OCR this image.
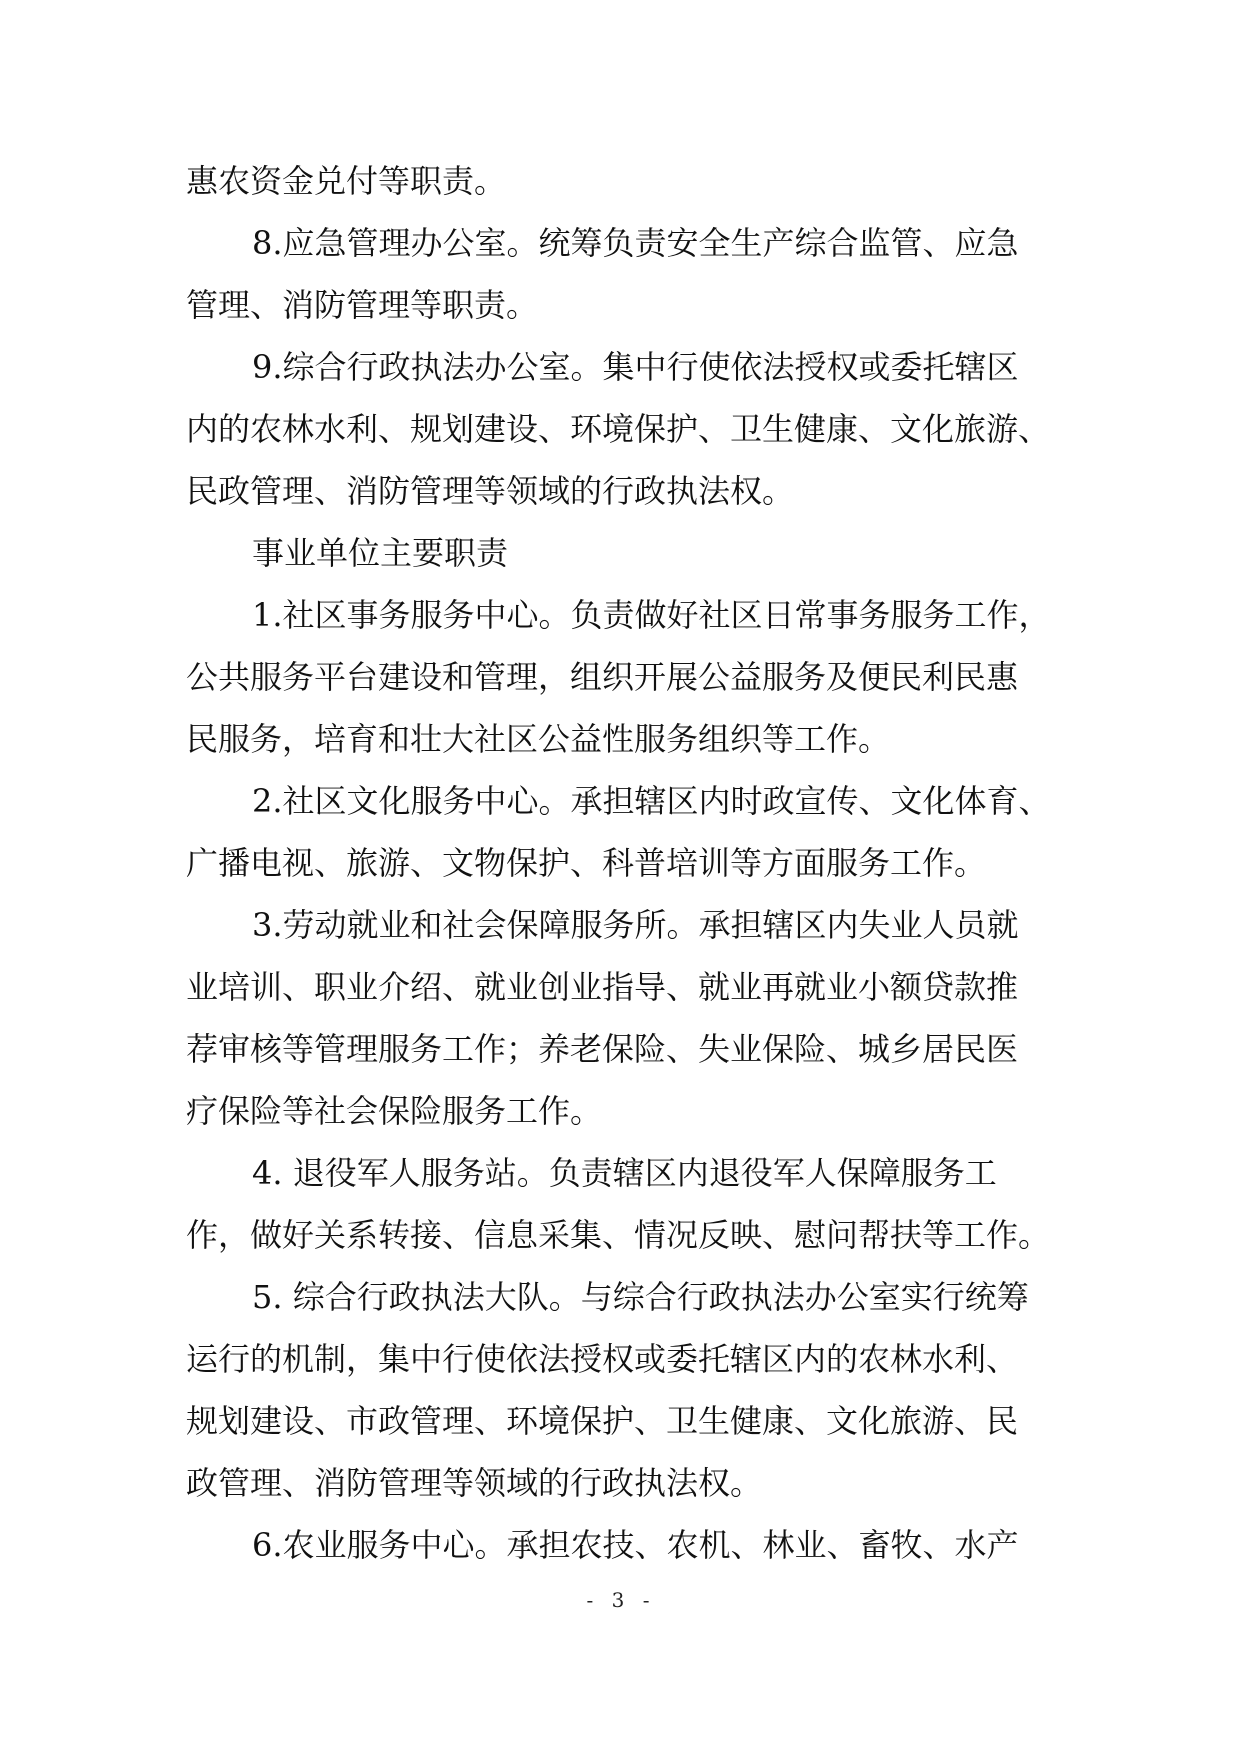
惠农资金兑付等职责。
8.应急管理办公室。统筹负责安全生产综合监管、应急
管理、消防管理等职责。
9.综合行政执法办公室。集中行使依法授权或委托辖区
内的农林水利、规划建设、环境保护、卫生健康、文化旅游、
民政管理、消防管理等领域的行政执法权。
事业单位主要职责
1.社区事务服务中心。负责做好社区日常事务服务工作，
公共服务平台建设和管理，组织开展公益服务及便民利民惠
民服务，培育和壮大社区公益性服务组织等工作。
2.社区文化服务中心。承担辖区内时政宣传、文化体育、
广播电视、旅游、文物保护、科普培训等方面服务工作。
3.劳动就业和社会保障服务所。承担辖区内失业人员就
业培训、职业介绍、就业创业指导、就业再就业小额贷款推
荐审核等管理服务工作；养老保险、失业保险、城乡居民医
疗保险等社会保险服务工作。
4. 退役军人服务站。负责辖区内退役军人保障服务工
作，做好关系转接、信息采集、情况反映、慰问帮扶等工作。
5. 综合行政执法大队。与综合行政执法办公室实行统筹
运行的机制，集中行使依法授权或委托辖区内的农林水利、
规划建设、市政管理、环境保护、卫生健康、文化旅游、民
政管理、消防管理等领域的行政执法权。
6.农业服务中心。承担农技、农机、林业、畜牧、水产
- 3 -
